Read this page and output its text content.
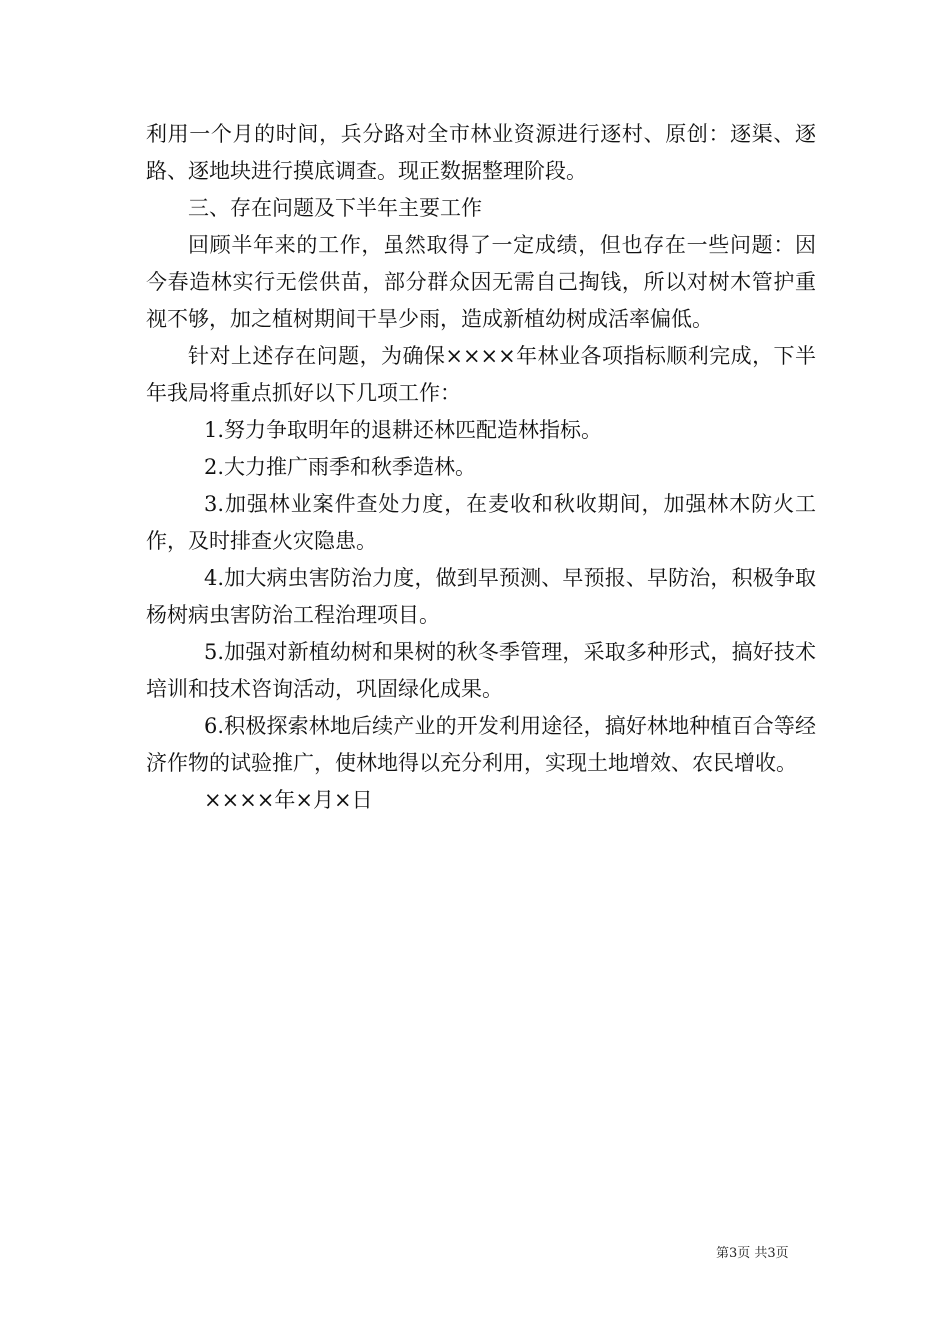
利用一个月的时间，兵分路对全市林业资源进行逐村、原创：逐渠、逐路、逐地块进行摸底调查。现正数据整理阶段。

三、存在问题及下半年主要工作

回顾半年来的工作，虽然取得了一定成绩，但也存在一些问题：因今春造林实行无偿供苗，部分群众因无需自己掏钱，所以对树木管护重视不够，加之植树期间干旱少雨，造成新植幼树成活率偏低。

针对上述存在问题，为确保××××年林业各项指标顺利完成，下半年我局将重点抓好以下几项工作：

1.努力争取明年的退耕还林匹配造林指标。

2.大力推广雨季和秋季造林。

3.加强林业案件查处力度，在麦收和秋收期间，加强林木防火工作，及时排查火灾隐患。

4.加大病虫害防治力度，做到早预测、早预报、早防治，积极争取杨树病虫害防治工程治理项目。

5.加强对新植幼树和果树的秋冬季管理，采取多种形式，搞好技术培训和技术咨询活动，巩固绿化成果。

6.积极探索林地后续产业的开发利用途径，搞好林地种植百合等经济作物的试验推广，使林地得以充分利用，实现土地增效、农民增收。

××××年×月×日

第3页 共3页
